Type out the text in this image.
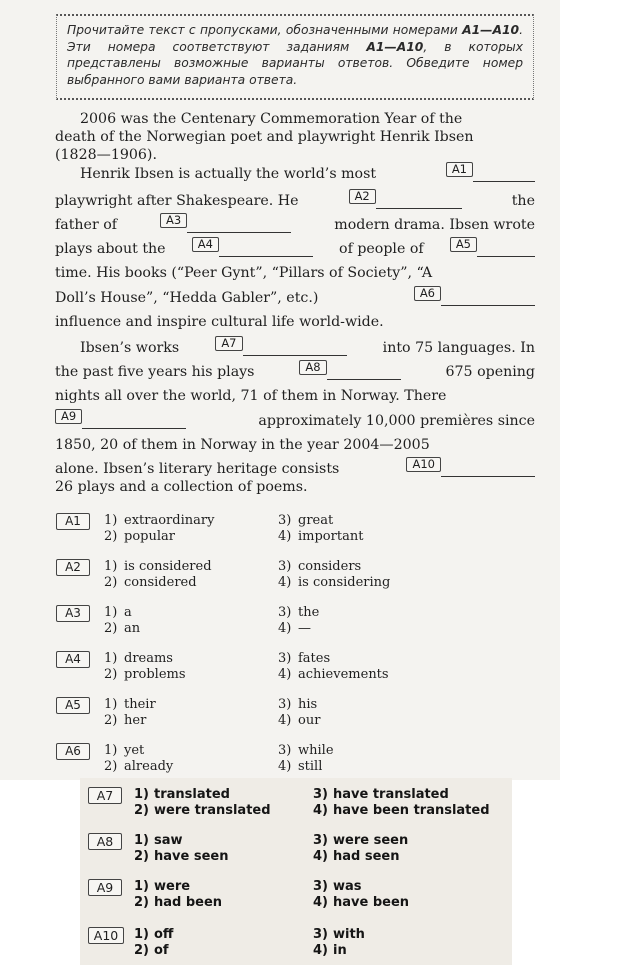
Прочитайте текст с пропусками, обозначенными номерами А1—А10. Эти номера соответствуют заданиям А1—А10, в которых представлены возможные варианты ответов. Обведите номер выбранного вами варианта ответа.
2006 was the Centenary Commemoration Year of the
death of the Norwegian poet and playwright Henrik Ibsen
(1828—1906).
Henrik Ibsen is actually the world’s most	A1
playwright after Shakespeare. He	A2	the
father of	A3	modern drama. Ibsen wrote
plays about the	A4	of people of	A5
time. His books (“Peer Gynt”, “Pillars of Society”, “A
Doll’s House”, “Hedda Gabler”, etc.)	A6
influence and inspire cultural life world-wide.
Ibsen’s works	A7	into 75 languages. In
the past five years his plays	A8	675 opening
nights all over the world, 71 of them in Norway. There
A9	approximately 10,000 premières since
1850, 20 of them in Norway in the year 2004—2005
alone. Ibsen’s literary heritage consists	A10
26 plays and a collection of poems.
A1	1) extraordinary
2) popular
3) great
4) important
A2	1) is considered
2) considered
3) considers
4) is considering
A3	1) a
2) an
3) the
4) —
A4	1) dreams
2) problems
3) fates
4) achievements
A5	1) their
2) her
3) his
4) our
A6	1) yet
2) already
3) while
4) still
A7	1) translated
2) were translated
3) have translated
4) have been translated
A8	1) saw
2) have seen
3) were seen
4) had seen
A9	1) were
2) had been
3) was
4) have been
A10	1) off
2) of
3) with
4) in
